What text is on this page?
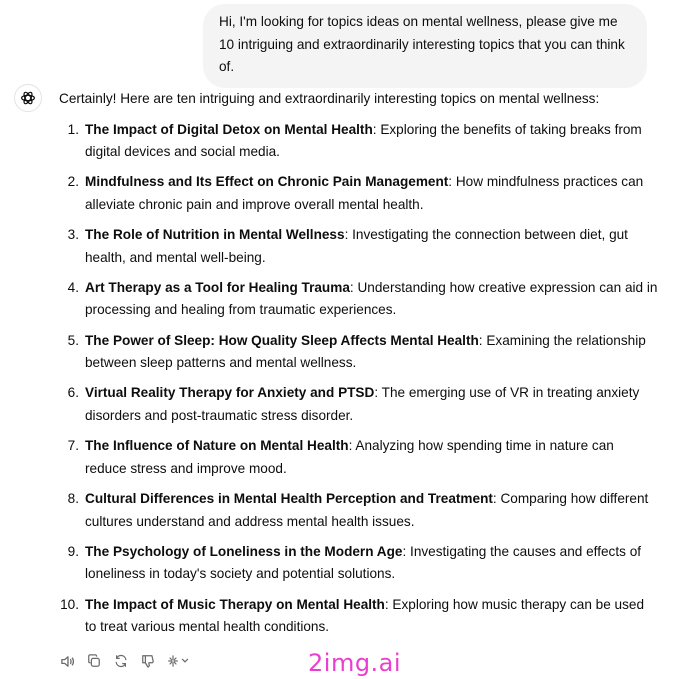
Hi, I'm looking for topics ideas on mental wellness, please give me 10 intriguing and extraordinarily interesting topics that you can think of.

Certainly! Here are ten intriguing and extraordinarily interesting topics on mental wellness:

1. The Impact of Digital Detox on Mental Health: Exploring the benefits of taking breaks from digital devices and social media.
2. Mindfulness and Its Effect on Chronic Pain Management: How mindfulness practices can alleviate chronic pain and improve overall mental health.
3. The Role of Nutrition in Mental Wellness: Investigating the connection between diet, gut health, and mental well-being.
4. Art Therapy as a Tool for Healing Trauma: Understanding how creative expression can aid in processing and healing from traumatic experiences.
5. The Power of Sleep: How Quality Sleep Affects Mental Health: Examining the relationship between sleep patterns and mental wellness.
6. Virtual Reality Therapy for Anxiety and PTSD: The emerging use of VR in treating anxiety disorders and post-traumatic stress disorder.
7. The Influence of Nature on Mental Health: Analyzing how spending time in nature can reduce stress and improve mood.
8. Cultural Differences in Mental Health Perception and Treatment: Comparing how different cultures understand and address mental health issues.
9. The Psychology of Loneliness in the Modern Age: Investigating the causes and effects of loneliness in today's society and potential solutions.
10. The Impact of Music Therapy on Mental Health: Exploring how music therapy can be used to treat various mental health conditions.
2img.ai
